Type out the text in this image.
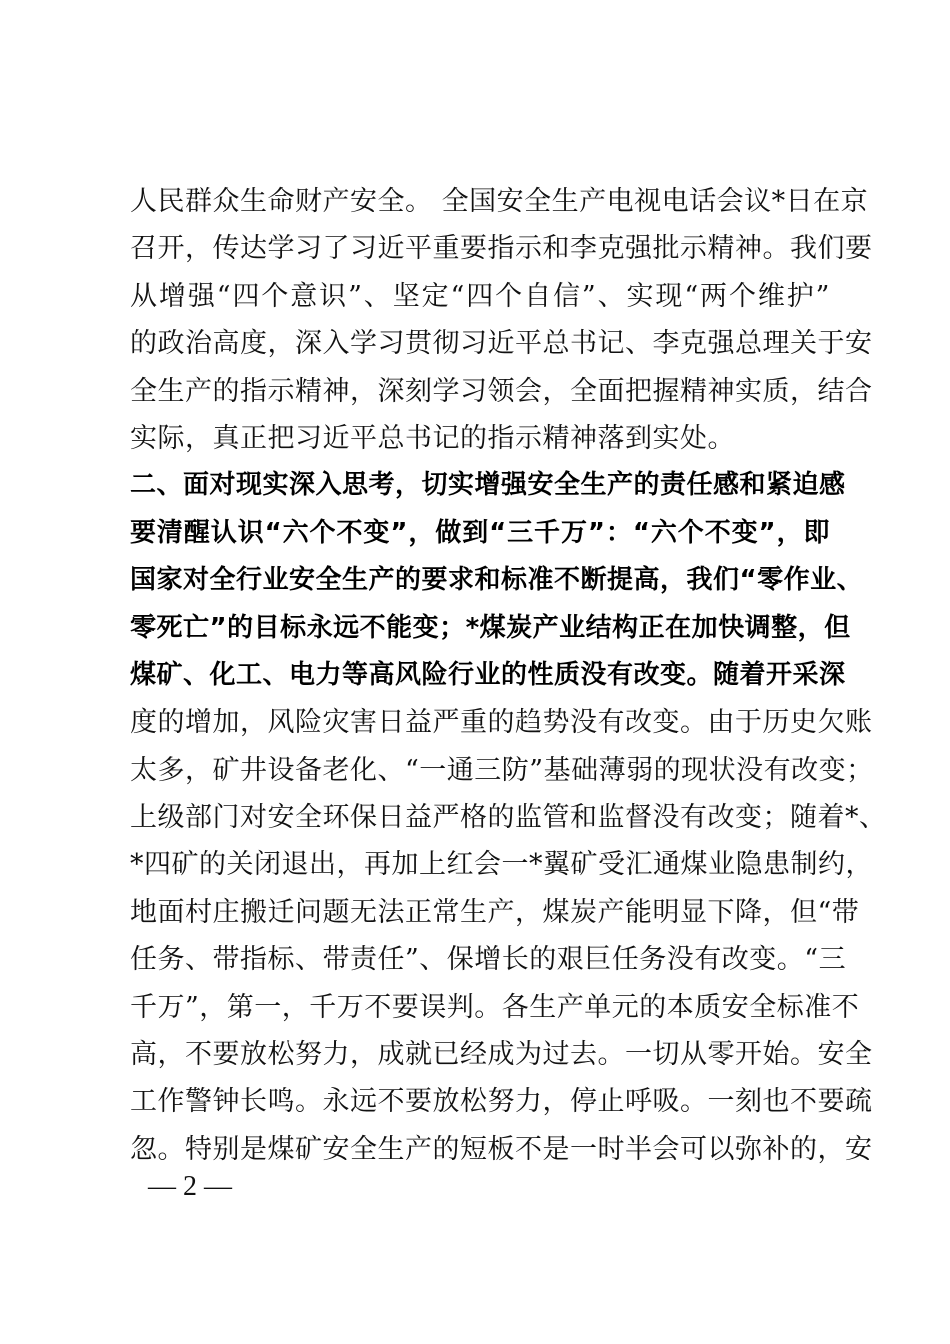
人民群众生命财产安全。 全国安全生产电视电话会议*日在京
召开，传达学习了习近平重要指示和李克强批示精神。我们要
从增强“四个意识”、坚定“四个自信”、实现“两个维护”
的政治高度，深入学习贯彻习近平总书记、李克强总理关于安
全生产的指示精神，深刻学习领会，全面把握精神实质，结合
实际，真正把习近平总书记的指示精神落到实处。
二、面对现实深入思考，切实增强安全生产的责任感和紧迫感
要清醒认识“六个不变”，做到“三千万”：“六个不变”，即
国家对全行业安全生产的要求和标准不断提高，我们“零作业、
零死亡”的目标永远不能变；*煤炭产业结构正在加快调整，但
煤矿、化工、电力等高风险行业的性质没有改变。随着开采深
度的增加，风险灾害日益严重的趋势没有改变。由于历史欠账
太多，矿井设备老化、“一通三防”基础薄弱的现状没有改变；
上级部门对安全环保日益严格的监管和监督没有改变；随着*、
*四矿的关闭退出，再加上红会一*翼矿受汇通煤业隐患制约，
地面村庄搬迁问题无法正常生产，煤炭产能明显下降，但“带
任务、带指标、带责任”、保增长的艰巨任务没有改变。“三
千万”，第一，千万不要误判。各生产单元的本质安全标准不
高，不要放松努力，成就已经成为过去。一切从零开始。安全
工作警钟长鸣。永远不要放松努力，停止呼吸。一刻也不要疏
忽。特别是煤矿安全生产的短板不是一时半会可以弥补的，安
— 2 —
